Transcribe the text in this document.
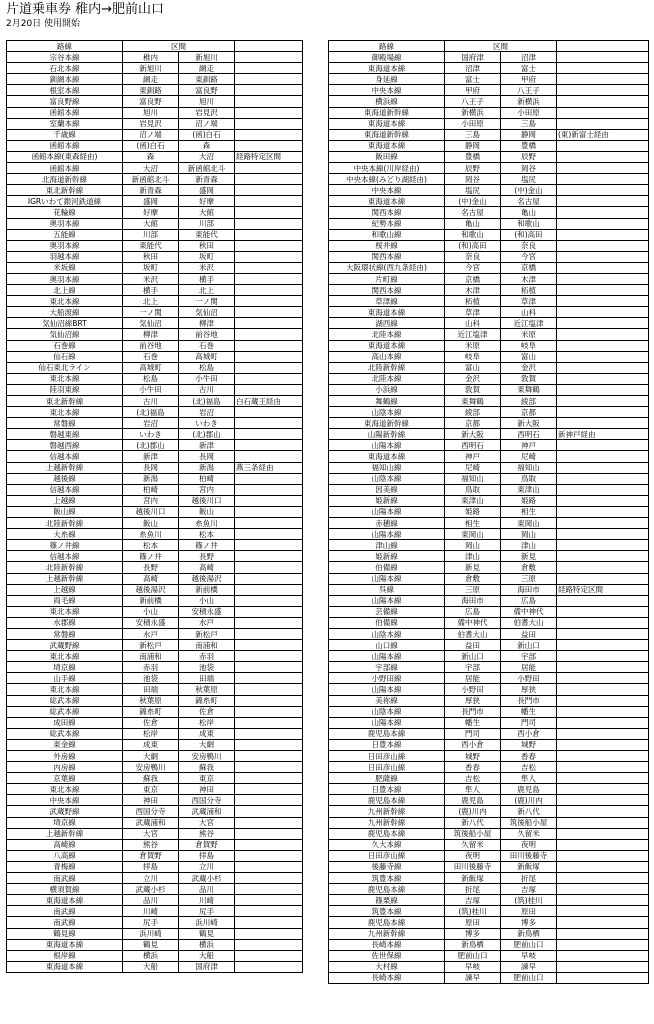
片道乗車券 稚内→肥前山口
2月20日 使用開始
路線	区間		
宗谷本線	稚内	新旭川	
石北本線	新旭川	網走	
釧網本線	網走	東釧路	
根室本線	東釧路	富良野	
富良野線	富良野	旭川	
函館本線	旭川	岩見沢	
室蘭本線	岩見沢	沼ノ端	
千歳線	沼ノ端	(函)白石	
函館本線	(函)白石	森	
函館本線(東森経由)	森	大沼	経路特定区間
函館本線	大沼	新函館北斗	
北海道新幹線	新函館北斗	新青森	
東北新幹線	新青森	盛岡	
IGRいわて銀河鉄道線	盛岡	好摩	
花輪線	好摩	大館	
奥羽本線	大館	川部	
五能線	川部	東能代	
奥羽本線	東能代	秋田	
羽越本線	秋田	坂町	
米坂線	坂町	米沢	
奥羽本線	米沢	横手	
北上線	横手	北上	
東北本線	北上	一ノ関	
大船渡線	一ノ関	気仙沼	
気仙沼線BRT	気仙沼	柳津	
気仙沼線	柳津	前谷地	
石巻線	前谷地	石巻	
仙石線	石巻	高城町	
仙石東北ライン	高城町	松島	
東北本線	松島	小牛田	
陸羽東線	小牛田	古川	
東北新幹線	古川	(北)福島	白石蔵王経由
東北本線	(北)福島	岩沼	
常磐線	岩沼	いわき	
磐越東線	いわき	(北)郡山	
磐越西線	(北)郡山	新津	
信越本線	新津	長岡	
上越新幹線	長岡	新潟	燕三条経由
越後線	新潟	柏崎	
信越本線	柏崎	宮内	
上越線	宮内	越後川口	
飯山線	越後川口	飯山	
北陸新幹線	飯山	糸魚川	
大糸線	糸魚川	松本	
篠ノ井線	松本	篠ノ井	
信越本線	篠ノ井	長野	
北陸新幹線	長野	高崎	
上越新幹線	高崎	越後湯沢	
上越線	越後湯沢	新前橋	
両毛線	新前橋	小山	
東北本線	小山	安積永盛	
水郡線	安積永盛	水戸	
常磐線	水戸	新松戸	
武蔵野線	新松戸	南浦和	
東北本線	南浦和	赤羽	
埼京線	赤羽	池袋	
山手線	池袋	田端	
東北本線	田端	秋葉原	
総武本線	秋葉原	錦糸町	
総武本線	錦糸町	佐倉	
成田線	佐倉	松岸	
総武本線	松岸	成東	
東金線	成東	大網	
外房線	大網	安房鴨川	
内房線	安房鴨川	蘇我	
京葉線	蘇我	東京	
東北本線	東京	神田	
中央本線	神田	西国分寺	
武蔵野線	西国分寺	武蔵浦和	
埼京線	武蔵浦和	大宮	
上越新幹線	大宮	熊谷	
高崎線	熊谷	倉賀野	
八高線	倉賀野	拝島	
青梅線	拝島	立川	
南武線	立川	武蔵小杉	
横須賀線	武蔵小杉	品川	
東海道本線	品川	川崎	
南武線	川崎	尻手	
南武線	尻手	浜川崎	
鶴見線	浜川崎	鶴見	
東海道本線	鶴見	横浜	
根岸線	横浜	大船	
東海道本線	大船	国府津	
路線	区間		
御殿場線	国府津	沼津	
東海道本線	沼津	富士	
身延線	富士	甲府	
中央本線	甲府	八王子	
横浜線	八王子	新横浜	
東海道新幹線	新横浜	小田原	
東海道本線	小田原	三島	
東海道新幹線	三島	静岡	(東)新富士経由
東海道本線	静岡	豊橋	
飯田線	豊橋	辰野	
中央本線(川岸経由)	辰野	岡谷	
中央本線(みどり湖経由)	岡谷	塩尻	
中央本線	塩尻	(中)金山	
東海道本線	(中)金山	名古屋	
関西本線	名古屋	亀山	
紀勢本線	亀山	和歌山	
和歌山線	和歌山	(和)高田	
桜井線	(和)高田	奈良	
関西本線	奈良	今宮	
大阪環状線(西九条経由)	今宮	京橋	
片町線	京橋	木津	
関西本線	木津	柘植	
草津線	柘植	草津	
東海道本線	草津	山科	
湖西線	山科	近江塩津	
北陸本線	近江塩津	米原	
東海道本線	米原	岐阜	
高山本線	岐阜	富山	
北陸新幹線	富山	金沢	
北陸本線	金沢	敦賀	
小浜線	敦賀	東舞鶴	
舞鶴線	東舞鶴	綾部	
山陰本線	綾部	京都	
東海道新幹線	京都	新大阪	
山陽新幹線	新大阪	西明石	新神戸経由
山陽本線	西明石	神戸	
東海道本線	神戸	尼崎	
福知山線	尼崎	福知山	
山陰本線	福知山	鳥取	
因美線	鳥取	東津山	
姫新線	東津山	姫路	
山陽本線	姫路	相生	
赤穂線	相生	東岡山	
山陽本線	東岡山	岡山	
津山線	岡山	津山	
姫新線	津山	新見	
伯備線	新見	倉敷	
山陽本線	倉敷	三原	
呉線	三原	海田市	経路特定区間
山陽本線	海田市	広島	
芸備線	広島	備中神代	
伯備線	備中神代	伯耆大山	
山陰本線	伯耆大山	益田	
山口線	益田	新山口	
山陽本線	新山口	宇部	
宇部線	宇部	居能	
小野田線	居能	小野田	
山陽本線	小野田	厚狭	
美祢線	厚狭	長門市	
山陰本線	長門市	幡生	
山陽本線	幡生	門司	
鹿児島本線	門司	西小倉	
日豊本線	西小倉	城野	
日田彦山線	城野	香春	
日田彦山線	香春	吉松	
肥薩線	吉松	隼人	
日豊本線	隼人	鹿児島	
鹿児島本線	鹿児島	(鹿)川内	
九州新幹線	(鹿)川内	新八代	
九州新幹線	新八代	筑後船小屋	
鹿児島本線	筑後船小屋	久留米	
久大本線	久留米	夜明	
日田彦山線	夜明	田川後藤寺	
後藤寺線	田川後藤寺	新飯塚	
筑豊本線	新飯塚	折尾	
鹿児島本線	折尾	吉塚	
篠栗線	吉塚	(筑)桂川	
筑豊本線	(筑)桂川	原田	
鹿児島本線	原田	博多	
九州新幹線	博多	新鳥栖	
長崎本線	新鳥栖	肥前山口	
佐世保線	肥前山口	早岐	
大村線	早岐	諫早	
長崎本線	諫早	肥前山口	
